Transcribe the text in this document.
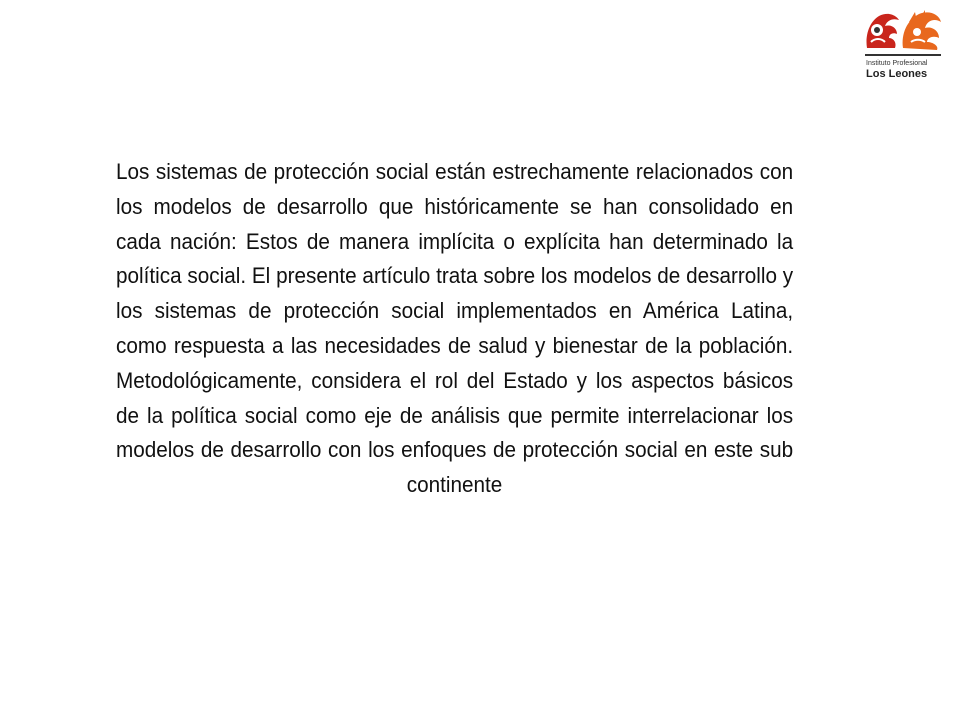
Instituto Profesional
Los Leones

Los sistemas de protección social están estrechamente relacionados con los modelos de desarrollo que históricamente se han consolidado en cada nación: Estos de manera implícita o explícita han determinado la política social. El presente artículo trata sobre los modelos de desarrollo y los sistemas de protección social implementados en América Latina, como respuesta a las necesidades de salud y bienestar de la población. Metodológicamente, considera el rol del Estado y los aspectos básicos de la política social como eje de análisis que permite interrelacionar los modelos de desarrollo con los enfoques de protección social en este sub continente
